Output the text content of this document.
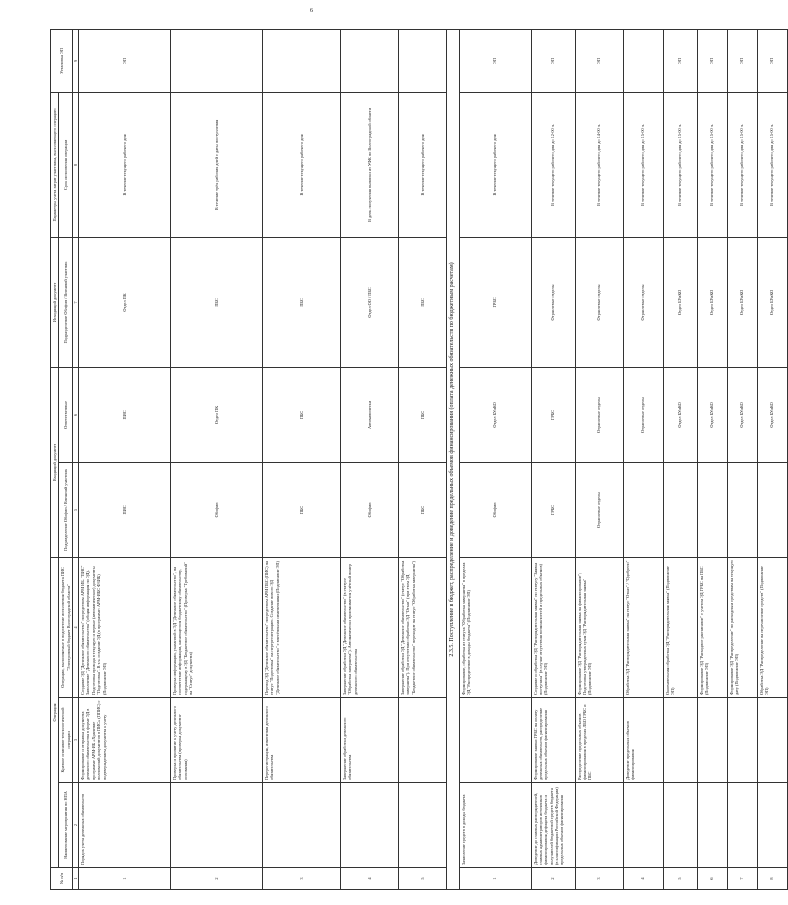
6
№ п/п	Операция			Входящий документ		Исходящий документ	Параметры учета затрат участника, выполняющего операцию	Установка ЭП
	Наименование мероприятия по НПА	Краткое описание технологической операции	Операции, выполняемые в подсистеме исполнения бюджета ПИС "Электронный бюджет Волгоградской области"	Подразделение Облфин / Внешний участник	Ответственные	Подразделение Облфин / Внешний участник	Срок исполнения операции	
1	2	3	4	5	6	7	8	9
1	Порядок учета денежных обязательств	Формирование и отправка документа денежного обязательства в форме ЭД в программе АРМ-ИБ «Хранение полномочий документов в ПИС» (ППИС) с подтверждением документа к учету	Создание ЭД "Денежное обязательство" посредством АРМ ИБ. "ПИС" Заполнение "Денежного обязательства" (общая информация по ЭД). Подготовка прохода в текущую и первые (автоматическое) документы "Подготовка". В т.ч. создание ЭД (в программе: АРМ-ИБС ФЗИБ) (Подписание ЭП)	ПИС	ПИС	Отдел ПК	В течение текущего рабочего дня	ЭП
2		Проверка и принятие к учету денежного обязательства (проверка документа-основания)	Проверка информации, указанной в ЭД "Денежное обязательство", на соответствие информации, касающегося бюджетному обязательству, содержащему в ЭД "Бюджетное обязательство" (Проверка "Требований" на "Статус" документа)	Облфин	Отдел ПК	ПБС	В течение трёх рабочих дней с даты поступления	
3		Перерегистрация, изменения денежного обязательства	Перевод ЭД "Денежное обязательство" посредством АРМ ПБС (ПИС) на статус "Подготовка" на перерегистрацию. Создание нового ЭД "Денежное обязательство" с внесёнными изменениями (Подписание ЭП)	ПБС	ПБС	ПБС	В течение текущего рабочего дня	
4		Завершение обработки денежного обязательства	Завершение обработки ЭД "Денежное обязательство" (в статусе "Обработка завершена"). Автоматически присваивается учётный номер денежного обязательства	Облфин	Автоматически	Отдел ОО / ПБС	В день получения выписки из УФК по Волгоградской области	
5			Завершение обработки ЭД "Денежное обязательство" (статус "Обработка завершена"). При отсутствии обработки ЭД "Отказ" (при этом ЭД "Бюджетное обязательство" переходит на статус "Обработка завершена")	ПБС	ПБС	ПБС	В течение текущего рабочего дня	
2.3.5. Поступление в бюджет, распределение и доведение предельных объемов финансирования (оплата денежных обязательств по бюджетным расчетам)								
1	Зачисление средств в доходы бюджета		Формирование, обработка из статуса "Обработка завершена" в пределах ЭД "Распределение в доходы бюджета" (Подписание ЭП)	Облфин	Отдел БУиКО	ГРБС	В течение текущего рабочего дня	ЭП
2	Доведение до главных распорядителей, главных администраторов источников финансирования дефицита бюджета и получателей бюджетной средств бюджета (в классификации Российской Федерации) предельных объемов финансирования	Формирование заявки ГРБС на оплату денежных обязательств, распределение предельных объемов финансирования	Создание и обработка ЭД "Распорядительная заявка" по статусу "Заявка поступила" (в случае отсутствия возможностей и предельных объемов) (Подписание ЭП)	ГРБС	ГРБС	Отраслевые отделы	В течение текущего рабочего дня до 12-00 ч.	ЭП
3		Распределение предельных объемов финансирования в пределах ЛБО ГРБС и ПБС	Формирование ЭД "Распорядительная заявка на финансирование"; Подготовка утвержденных сумм ЭД "Распорядительная заявка" (Подписание ЭП)	Отраслевые отделы	Отраслевые отделы	Отраслевые отделы	В течение текущего рабочего дня до 14-00 ч.	ЭП
4		Доведение предельных объемов финансирования	Обработка ЭД "Распорядительная заявка" на статус "Отказ" / "Одобрено"		Отраслевые отделы	Отраслевые отделы	В течение текущего рабочего дня до 15-00 ч.	
5			Окончательная обработка ЭД "Распорядительная заявка" (Подписание ЭП)		Отдел БУиКО	Отдел БУиКО	В течение текущего рабочего дня до 15-00 ч.	ЭП
6			Формирование ЭД "Расходное расписание" с учетом ЭД ГРБС на ПБС (Подписание ЭП)		Отдел БУиКО	Отдел БУиКО	В течение текущего рабочего дня до 15-00 ч.	ЭП
7			Формирование ЭД "Распределение" по расходным средствам на текущую дату (Подписание ЭП)		Отдел БУиКО	Отдел БУиКО	В течение текущего рабочего дня до 15-00 ч.	ЭП
8			Обработка ЭД "Распределение на перечисление средств" (Подписание ЭП)		Отдел БУиКО	Отдел БУиКО	В течение текущего рабочего дня до 15-00 ч.	ЭП
